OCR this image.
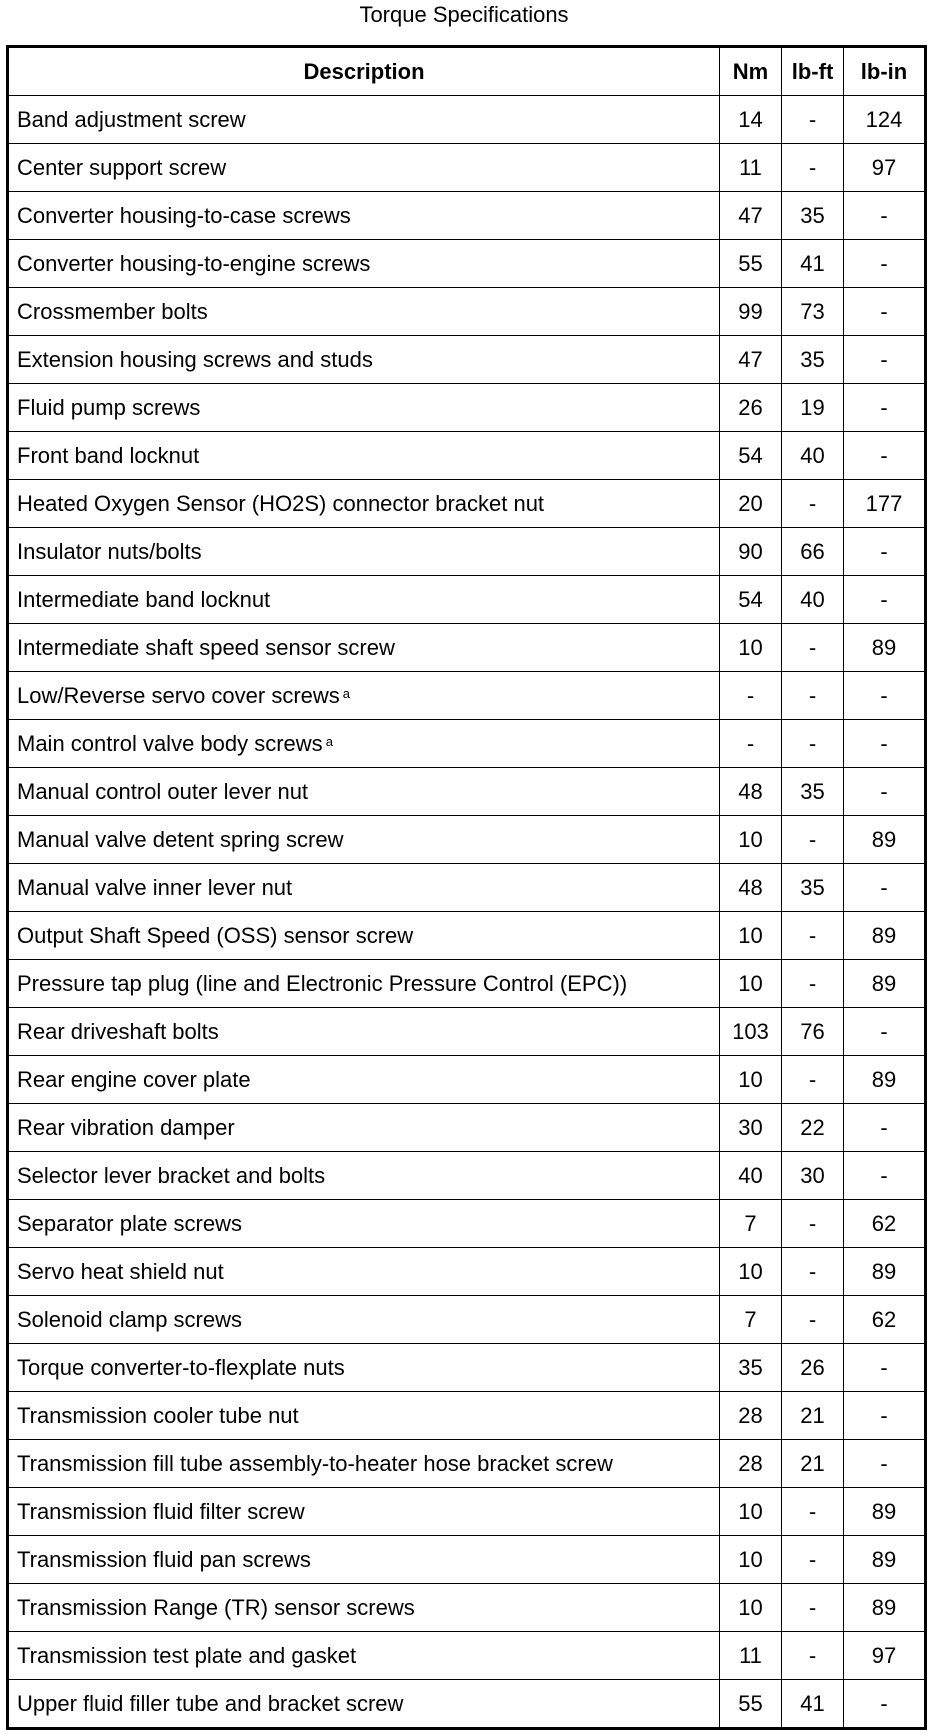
Torque Specifications
Description	Nm	lb-ft	lb-in
Band adjustment screw	14	-	124
Center support screw	11	-	97
Converter housing-to-case screws	47	35	-
Converter housing-to-engine screws	55	41	-
Crossmember bolts	99	73	-
Extension housing screws and studs	47	35	-
Fluid pump screws	26	19	-
Front band locknut	54	40	-
Heated Oxygen Sensor (HO2S) connector bracket nut	20	-	177
Insulator nuts/bolts	90	66	-
Intermediate band locknut	54	40	-
Intermediate shaft speed sensor screw	10	-	89
Low/Reverse servo cover screws $^a$	-	-	-
Main control valve body screws $^a$	-	-	-
Manual control outer lever nut	48	35	-
Manual valve detent spring screw	10	-	89
Manual valve inner lever nut	48	35	-
Output Shaft Speed (OSS) sensor screw	10	-	89
Pressure tap plug (line and Electronic Pressure Control (EPC))	10	-	89
Rear driveshaft bolts	103	76	-
Rear engine cover plate	10	-	89
Rear vibration damper	30	22	-
Selector lever bracket and bolts	40	30	-
Separator plate screws	7	-	62
Servo heat shield nut	10	-	89
Solenoid clamp screws	7	-	62
Torque converter-to-flexplate nuts	35	26	-
Transmission cooler tube nut	28	21	-
Transmission fill tube assembly-to-heater hose bracket screw	28	21	-
Transmission fluid filter screw	10	-	89
Transmission fluid pan screws	10	-	89
Transmission Range (TR) sensor screws	10	-	89
Transmission test plate and gasket	11	-	97
Upper fluid filler tube and bracket screw	55	41	-
